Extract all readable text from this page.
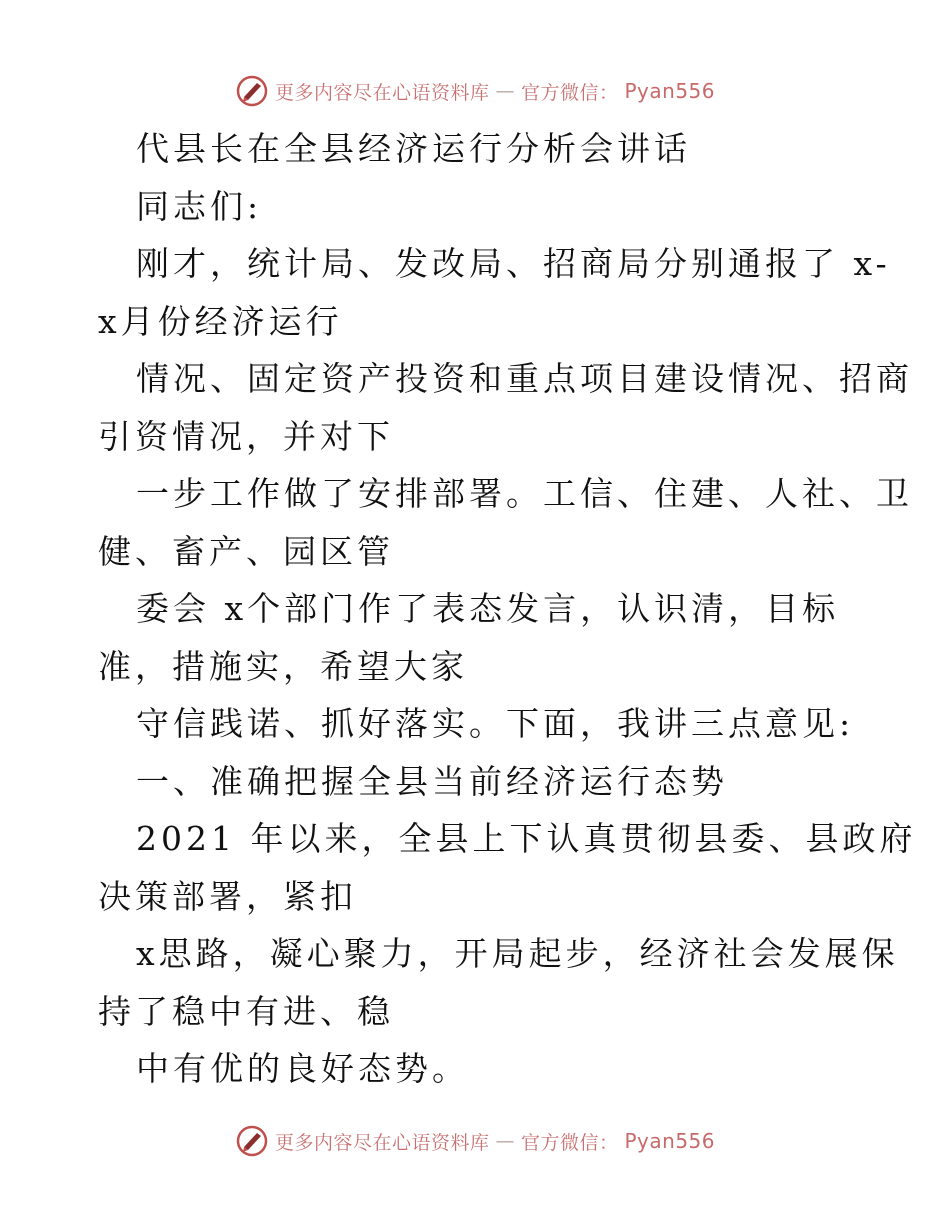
更多内容尽在心语资料库 — 官方微信： Pyan556
代县长在全县经济运行分析会讲话
同志们:
刚才，统计局、发改局、招商局分别通报了 x-
x月份经济运行
情况、固定资产投资和重点项目建设情况、招商
引资情况，并对下
一步工作做了安排部署。工信、住建、人社、卫
健、畜产、园区管
委会 x个部门作了表态发言，认识清，目标
准，措施实，希望大家
守信践诺、抓好落实。下面，我讲三点意见:
一、准确把握全县当前经济运行态势
2021 年以来，全县上下认真贯彻县委、县政府
决策部署，紧扣
x思路，凝心聚力，开局起步，经济社会发展保
持了稳中有进、稳
中有优的良好态势。
更多内容尽在心语资料库 — 官方微信： Pyan556
